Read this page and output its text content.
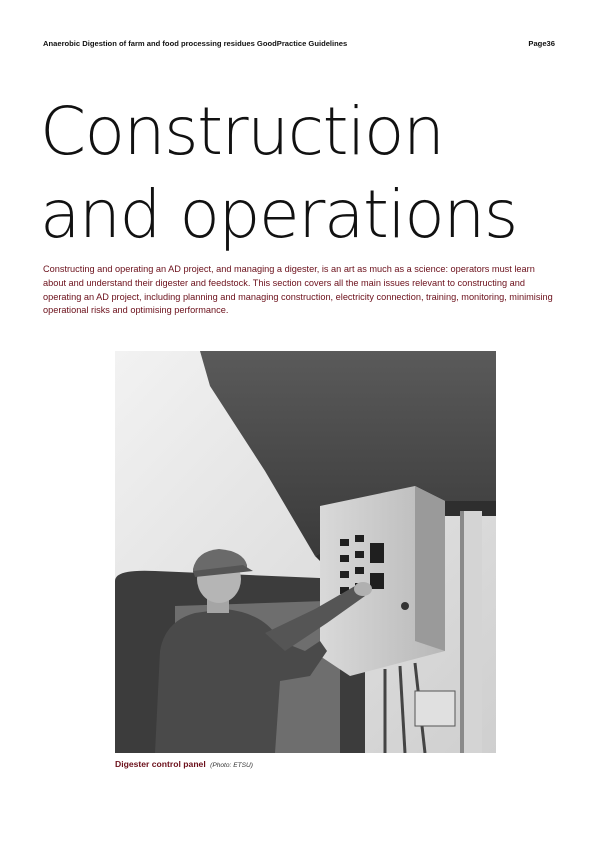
Anaerobic Digestion of farm and food processing residues GoodPractice Guidelines	Page36
Construction
and operations

Constructing and operating an AD project, and managing a digester, is an art as much as a science: operators must learn about and understand their digester and feedstock. This section covers all the main issues relevant to constructing and operating an AD project, including planning and managing construction, electricity connection, training, monitoring, minimising operational risks and optimising performance.

Digester control panel (Photo: ETSU)
